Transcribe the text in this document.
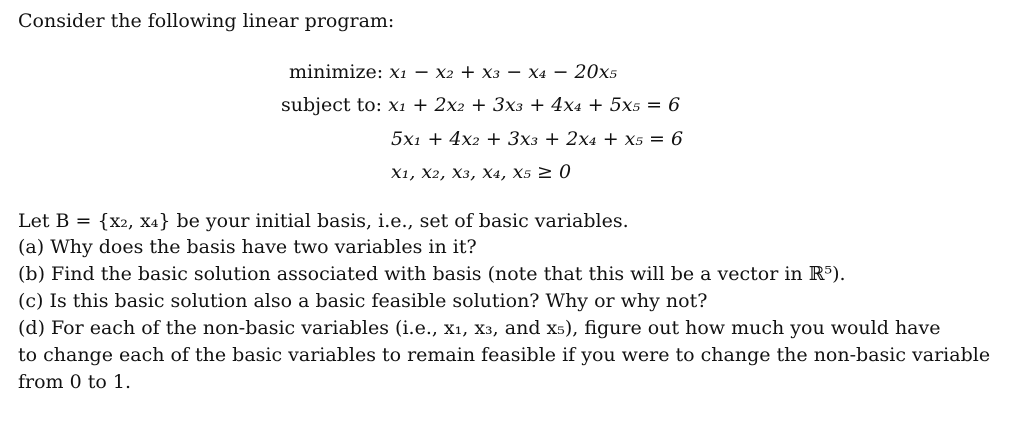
Consider the following linear program:
minimize: x₁ − x₂ + x₃ − x₄ − 20x₅
subject to: x₁ + 2x₂ + 3x₃ + 4x₄ + 5x₅ = 6
5x₁ + 4x₂ + 3x₃ + 2x₄ + x₅ = 6
x₁, x₂, x₃, x₄, x₅ ≥ 0
Let B = {x₂, x₄} be your initial basis, i.e., set of basic variables.
(a) Why does the basis have two variables in it?
(b) Find the basic solution associated with basis (note that this will be a vector in ℝ⁵).
(c) Is this basic solution also a basic feasible solution? Why or why not?
(d) For each of the non-basic variables (i.e., x₁, x₃, and x₅), figure out how much you would have
to change each of the basic variables to remain feasible if you were to change the non-basic variable
from 0 to 1.
